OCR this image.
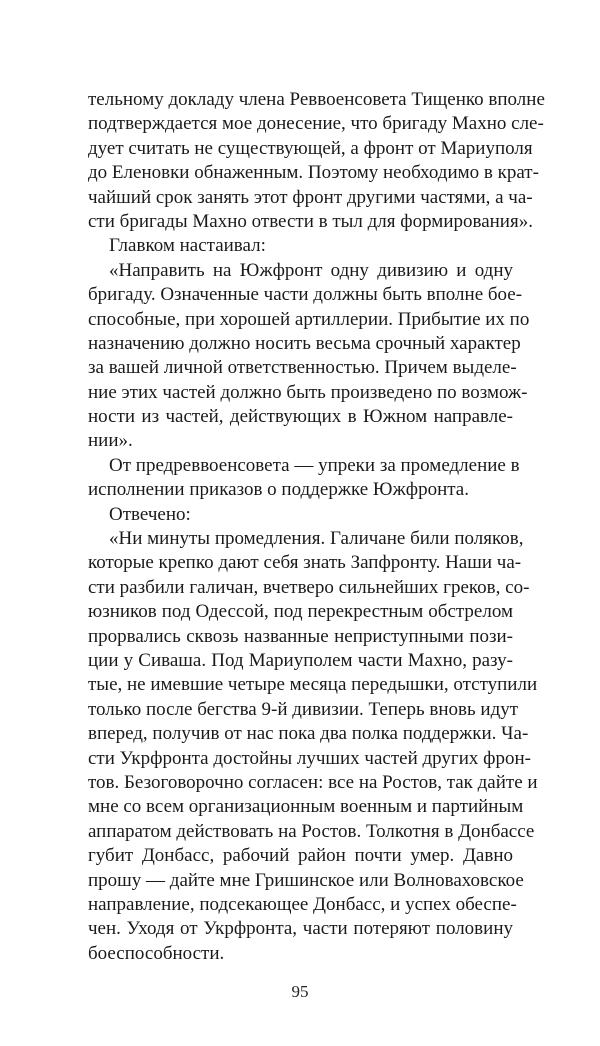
тельному докладу члена Реввоенсовета Тищенко вполне
подтверждается мое донесение, что бригаду Махно сле-
дует считать не существующей, а фронт от Мариуполя
до Еленовки обнаженным. Поэтому необходимо в крат-
чайший срок занять этот фронт другими частями, а ча-
сти бригады Махно отвести в тыл для формирования».
Главком настаивал:
«Направить на Южфронт одну дивизию и одну
бригаду. Означенные части должны быть вполне бое-
способные, при хорошей артиллерии. Прибытие их по
назначению должно носить весьма срочный характер
за вашей личной ответственностью. Причем выделе-
ние этих частей должно быть произведено по возмож-
ности из частей, действующих в Южном направле-
нии».
От предреввоенсовета — упреки за промедление в
исполнении приказов о поддержке Южфронта.
Отвечено:
«Ни минуты промедления. Галичане били поляков,
которые крепко дают себя знать Запфронту. Наши ча-
сти разбили галичан, вчетверо сильнейших греков, со-
юзников под Одессой, под перекрестным обстрелом
прорвались сквозь названные неприступными пози-
ции у Сиваша. Под Мариуполем части Махно, разу-
тые, не имевшие четыре месяца передышки, отступили
только после бегства 9-й дивизии. Теперь вновь идут
вперед, получив от нас пока два полка поддержки. Ча-
сти Укрфронта достойны лучших частей других фрон-
тов. Безоговорочно согласен: все на Ростов, так дайте и
мне со всем организационным военным и партийным
аппаратом действовать на Ростов. Толкотня в Донбассе
губит Донбасс, рабочий район почти умер. Давно
прошу — дайте мне Гришинское или Волноваховское
направление, подсекающее Донбасс, и успех обеспе-
чен. Уходя от Укрфронта, части потеряют половину
боеспособности.
95
